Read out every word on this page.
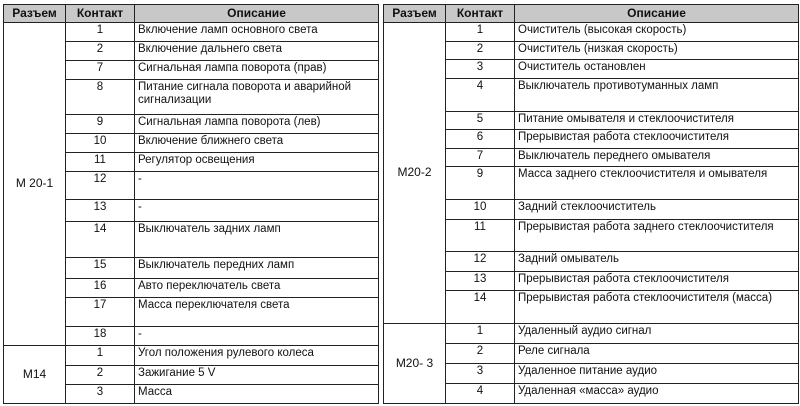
Разъем	Контакт	Описание
М 20-1	1	Включение ламп основного света
	2	Включение дальнего света
	7	Сигнальная лампа поворота (прав)
	8	Питание сигнала поворота и аварийной сигнализации
	9	Сигнальная лампа поворота (лев)
	10	Включение ближнего света
	11	Регулятор освещения
	12	-
	13	-
	14	Выключатель задних ламп
	15	Выключатель передних ламп
	16	Авто переключатель света
	17	Масса переключателя света
	18	-
М14	1	Угол положения рулевого колеса
	2	Зажигание 5 V
	3	Масса
Разъем	Контакт	Описание
М20-2	1	Очиститель (высокая скорость)
	2	Очиститель (низкая скорость)
	3	Очиститель остановлен
	4	Выключатель противотуманных ламп
	5	Питание омывателя и стеклоочистителя
	6	Прерывистая работа стеклоочистителя
	7	Выключатель переднего омывателя
	9	Масса заднего стеклоочистителя и омывателя
	10	Задний стеклоочиститель
	11	Прерывистая работа заднего стеклоочистителя
	12	Задний омыватель
	13	Прерывистая работа стеклоочистителя
	14	Прерывистая работа стеклоочистителя (масса)
М20- 3	1	Удаленный аудио сигнал
	2	Реле сигнала
	3	Удаленное питание аудио
	4	Удаленная «масса» аудио
